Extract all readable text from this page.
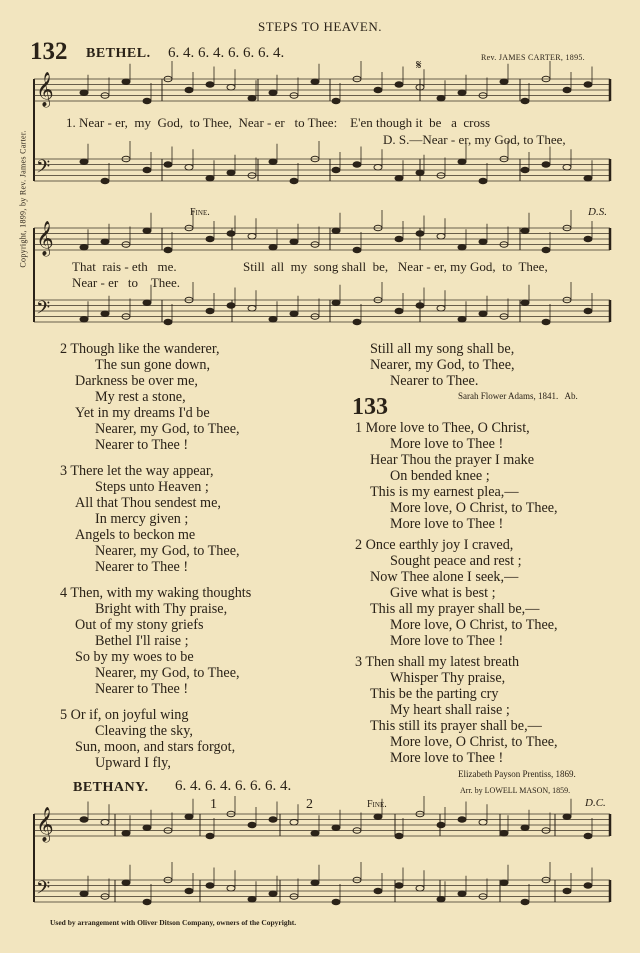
STEPS TO HEAVEN.
Copyright, 1899, by Rev. James Carter.
132 BETHEL. 6. 4. 6. 4. 6. 6. 6. 4.	Rev. JAMES CARTER, 1895.
𝄋
𝄞
𝄢
𝄞
𝄢
𝄞
𝄢
1. Near - er,  my  God,  to Thee,  Near - er   to Thee:    E'en though it  be   a  cross
D. S.—Near - er, my God, to Thee,
Fine.	D.S.
That  rais - eth   me.	Still  all  my  song shall  be,   Near - er, my God,  to  Thee,
Near - er   to    Thee.
2 Though like the wanderer,
The sun gone down,
Darkness be over me,
My rest a stone,
Yet in my dreams I'd be
Nearer, my God, to Thee,
Nearer to Thee !
3 There let the way appear,
Steps unto Heaven ;
All that Thou sendest me,
In mercy given ;
Angels to beckon me
Nearer, my God, to Thee,
Nearer to Thee !
4 Then, with my waking thoughts
Bright with Thy praise,
Out of my stony griefs
Bethel I'll raise ;
So by my woes to be
Nearer, my God, to Thee,
Nearer to Thee !
5 Or if, on joyful wing
Cleaving the sky,
Sun, moon, and stars forgot,
Upward I fly,
Still all my song shall be,
Nearer, my God, to Thee,
Nearer to Thee.
Sarah Flower Adams, 1841.   Ab.
133
1 More love to Thee, O Christ,
More love to Thee !
Hear Thou the prayer I make
On bended knee ;
This is my earnest plea,—
More love, O Christ, to Thee,
More love to Thee !
2 Once earthly joy I craved,
Sought peace and rest ;
Now Thee alone I seek,—
Give what is best ;
This all my prayer shall be,—
More love, O Christ, to Thee,
More love to Thee !
3 Then shall my latest breath
Whisper Thy praise,
This be the parting cry
My heart shall raise ;
This still its prayer shall be,—
More love, O Christ, to Thee,
More love to Thee !
Elizabeth Payson Prentiss, 1869.
BETHANY. 6. 4. 6. 4. 6. 6. 6. 4.	Arr. by LOWELL MASON, 1859.
1	2	Fine.	D.C.
Used by arrangement with Oliver Ditson Company, owners of the Copyright.
